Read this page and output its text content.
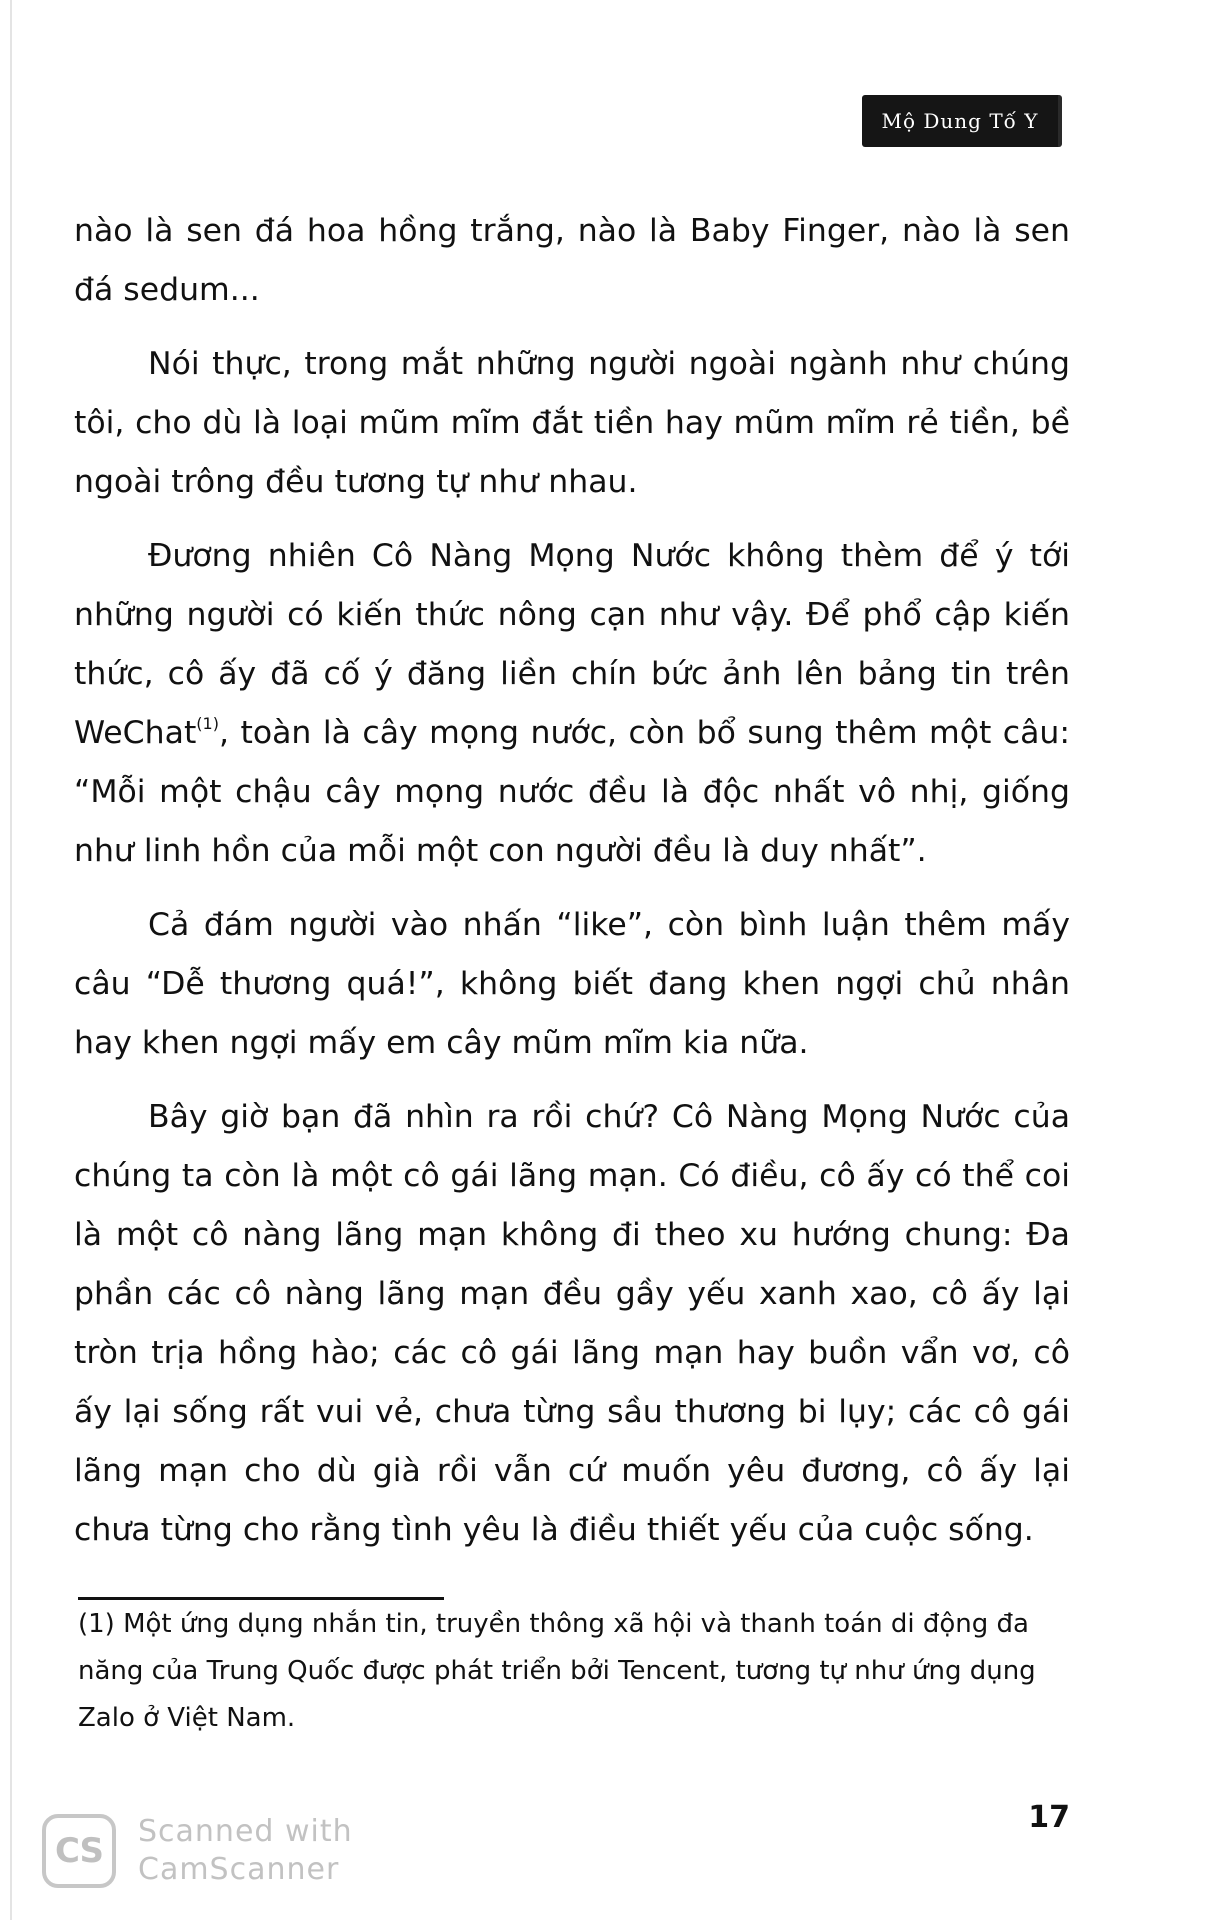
Mộ Dung Tố Y

nào là sen đá hoa hồng trắng, nào là Baby Finger, nào là sen đá sedum...

Nói thực, trong mắt những người ngoài ngành như chúng tôi, cho dù là loại mũm mĩm đắt tiền hay mũm mĩm rẻ tiền, bề ngoài trông đều tương tự như nhau.

Đương nhiên Cô Nàng Mọng Nước không thèm để ý tới những người có kiến thức nông cạn như vậy. Để phổ cập kiến thức, cô ấy đã cố ý đăng liền chín bức ảnh lên bảng tin trên WeChat$^{(1)}$, toàn là cây mọng nước, còn bổ sung thêm một câu: “Mỗi một chậu cây mọng nước đều là độc nhất vô nhị, giống như linh hồn của mỗi một con người đều là duy nhất”.

Cả đám người vào nhấn “like”, còn bình luận thêm mấy câu “Dễ thương quá!”, không biết đang khen ngợi chủ nhân hay khen ngợi mấy em cây mũm mĩm kia nữa.

Bây giờ bạn đã nhìn ra rồi chứ? Cô Nàng Mọng Nước của chúng ta còn là một cô gái lãng mạn. Có điều, cô ấy có thể coi là một cô nàng lãng mạn không đi theo xu hướng chung: Đa phần các cô nàng lãng mạn đều gầy yếu xanh xao, cô ấy lại tròn trịa hồng hào; các cô gái lãng mạn hay buồn vẩn vơ, cô ấy lại sống rất vui vẻ, chưa từng sầu thương bi lụy; các cô gái lãng mạn cho dù già rồi vẫn cứ muốn yêu đương, cô ấy lại chưa từng cho rằng tình yêu là điều thiết yếu của cuộc sống.

(1) Một ứng dụng nhắn tin, truyền thông xã hội và thanh toán di động đa năng của Trung Quốc được phát triển bởi Tencent, tương tự như ứng dụng Zalo ở Việt Nam.
17
CS	Scanned with
CamScanner
